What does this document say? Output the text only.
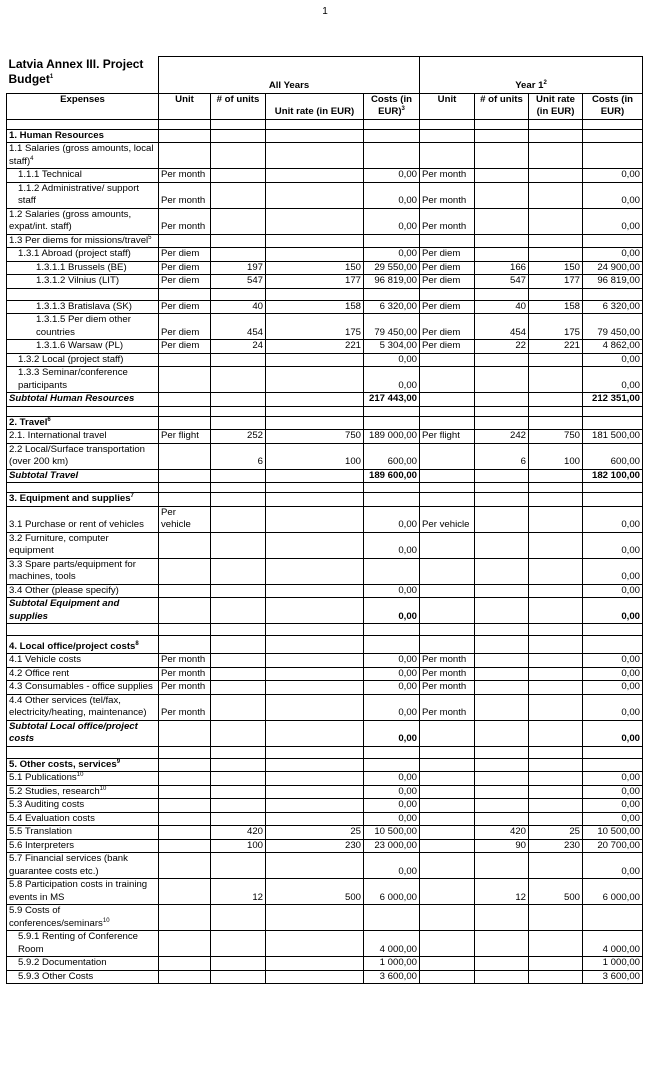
1
Latvia Annex III. Project Budget$^1$	All Years				Year $1^2$

Expenses	Unit	# of units	Unit rate (in EUR)	Costs (in EUR)$^3$	Unit	# of units	Unit rate (in EUR)	Costs (in EUR)

1. Human Resources								
1.1 Salaries (gross amounts, local staff)$^4$								
1.1.1 Technical	Per month			0,00	Per month			0,00
1.1.2 Administrative/ support staff	Per month			0,00	Per month			0,00
1.2 Salaries (gross amounts, expat/int. staff)	Per month			0,00	Per month			0,00
1.3 Per diems for missions/travel$^5$								
1.3.1 Abroad (project staff)	Per diem			0,00	Per diem			0,00
1.3.1.1 Brussels (BE)	Per diem	197	150	29 550,00	Per diem	166	150	24 900,00
1.3.1.2 Vilnius (LIT)	Per diem	547	177	96 819,00	Per diem	547	177	96 819,00

1.3.1.3 Bratislava (SK)	Per diem	40	158	6 320,00	Per diem	40	158	6 320,00
1.3.1.5 Per diem other countries	Per diem	454	175	79 450,00	Per diem	454	175	79 450,00
1.3.1.6 Warsaw (PL)	Per diem	24	221	5 304,00	Per diem	22	221	4 862,00
1.3.2 Local (project staff)				0,00				0,00
1.3.3 Seminar/conference participants				0,00				0,00
Subtotal Human Resources				217 443,00				212 351,00

2. Travel$^6$								
2.1. International travel	Per flight	252	750	189 000,00	Per flight	242	750	181 500,00
2.2 Local/Surface transportation (over 200 km)		6	100	600,00		6	100	600,00
Subtotal Travel				189 600,00				182 100,00

3. Equipment and supplies$^7$								
3.1 Purchase or rent of vehicles	Per vehicle			0,00	Per vehicle			0,00
3.2 Furniture, computer equipment				0,00				0,00
3.3 Spare parts/equipment for machines, tools								0,00
3.4 Other (please specify)				0,00				0,00
Subtotal Equipment and supplies				0,00				0,00

4. Local office/project costs$^8$								
4.1 Vehicle costs	Per month			0,00	Per month			0,00
4.2 Office rent	Per month			0,00	Per month			0,00
4.3 Consumables - office supplies	Per month			0,00	Per month			0,00
4.4 Other services (tel/fax, electricity/heating, maintenance)	Per month			0,00	Per month			0,00
Subtotal Local office/project costs				0,00				0,00

5. Other costs, services$^9$								
5.1 Publications$^{10}$				0,00				0,00
5.2 Studies, research$^{10}$				0,00				0,00
5.3 Auditing costs				0,00				0,00
5.4 Evaluation costs				0,00				0,00
5.5 Translation		420	25	10 500,00		420	25	10 500,00
5.6 Interpreters		100	230	23 000,00		90	230	20 700,00
5.7 Financial services (bank guarantee costs etc.)				0,00				0,00
5.8 Participation costs in training events in MS		12	500	6 000,00		12	500	6 000,00
5.9 Costs of conferences/seminars$^{10}$								
5.9.1 Renting of Conference Room				4 000,00				4 000,00
5.9.2 Documentation				1 000,00				1 000,00
5.9.3 Other Costs				3 600,00				3 600,00
